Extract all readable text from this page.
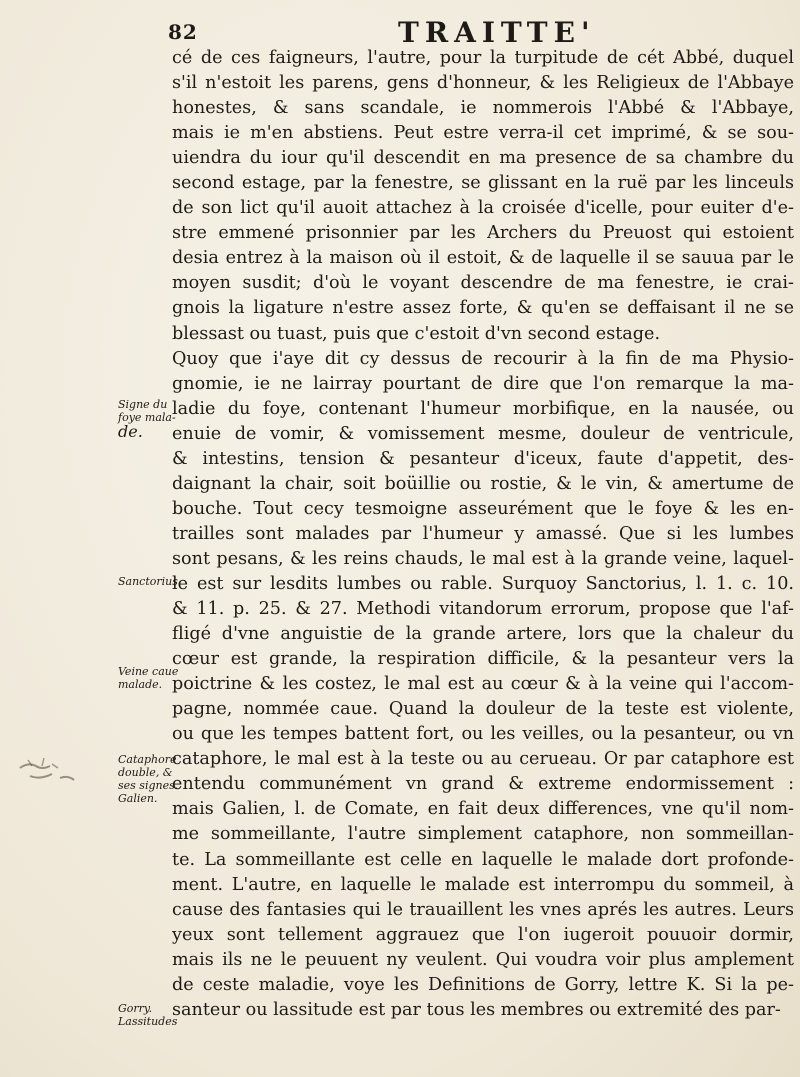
82	TRAITTE'
cé de ces faigneurs, l'autre, pour la turpitude de cét Abbé, duquel
s'il n'estoit les parens, gens d'honneur, & les Religieux de l'Abbaye
honestes, & sans scandale, ie nommerois l'Abbé & l'Abbaye,
mais ie m'en abstiens. Peut estre verra-il cet imprimé, & se sou-
uiendra du iour qu'il descendit en ma presence de sa chambre du
second estage, par la fenestre, se glissant en la ruë par les linceuls
de son lict qu'il auoit attachez à la croisée d'icelle, pour euiter d'e-
stre emmené prisonnier par les Archers du Preuost qui estoient
desia entrez à la maison où il estoit, & de laquelle il se sauua par le
moyen susdit; d'où le voyant descendre de ma fenestre, ie crai-
gnois la ligature n'estre assez forte, & qu'en se deffaisant il ne se
blessast ou tuast, puis que c'estoit d'vn second estage.
Quoy que i'aye dit cy dessus de recourir à la fin de ma Physio-
gnomie, ie ne lairray pourtant de dire que l'on remarque la ma-
ladie du foye, contenant l'humeur morbifique, en la nausée, ou
enuie de vomir, & vomissement mesme, douleur de ventricule,
& intestins, tension & pesanteur d'iceux, faute d'appetit, des-
daignant la chair, soit boüillie ou rostie, & le vin, & amertume de
bouche. Tout cecy tesmoigne asseurément que le foye & les en-
trailles sont malades par l'humeur y amassé. Que si les lumbes
sont pesans, & les reins chauds, le mal est à la grande veine, laquel-
le est sur lesdits lumbes ou rable. Surquoy Sanctorius, l. 1. c. 10.
& 11. p. 25. & 27. Methodi vitandorum errorum, propose que l'af-
fligé d'vne anguistie de la grande artere, lors que la chaleur du
cœur est grande, la respiration difficile, & la pesanteur vers la
poictrine & les costez, le mal est au cœur & à la veine qui l'accom-
pagne, nommée caue. Quand la douleur de la teste est violente,
ou que les tempes battent fort, ou les veilles, ou la pesanteur, ou vn
cataphore, le mal est à la teste ou au cerueau. Or par cataphore est
entendu communément vn grand & extreme endormissement :
mais Galien, l. de Comate, en fait deux differences, vne qu'il nom-
me sommeillante, l'autre simplement cataphore, non sommeillan-
te. La sommeillante est celle en laquelle le malade dort profonde-
ment. L'autre, en laquelle le malade est interrompu du sommeil, à
cause des fantasies qui le trauaillent les vnes aprés les autres. Leurs
yeux sont tellement aggrauez que l'on iugeroit pouuoir dormir,
mais ils ne le peuuent ny veulent. Qui voudra voir plus amplement
de ceste maladie, voye les Definitions de Gorry, lettre K. Si la pe-
santeur ou lassitude est par tous les membres ou extremité des par-
Signe du
foye mala-
de.
Sanctorius.
Veine caue
malade.
Cataphore
double, &
ses signes.
Galien.
Gorry.
Lassitudes
